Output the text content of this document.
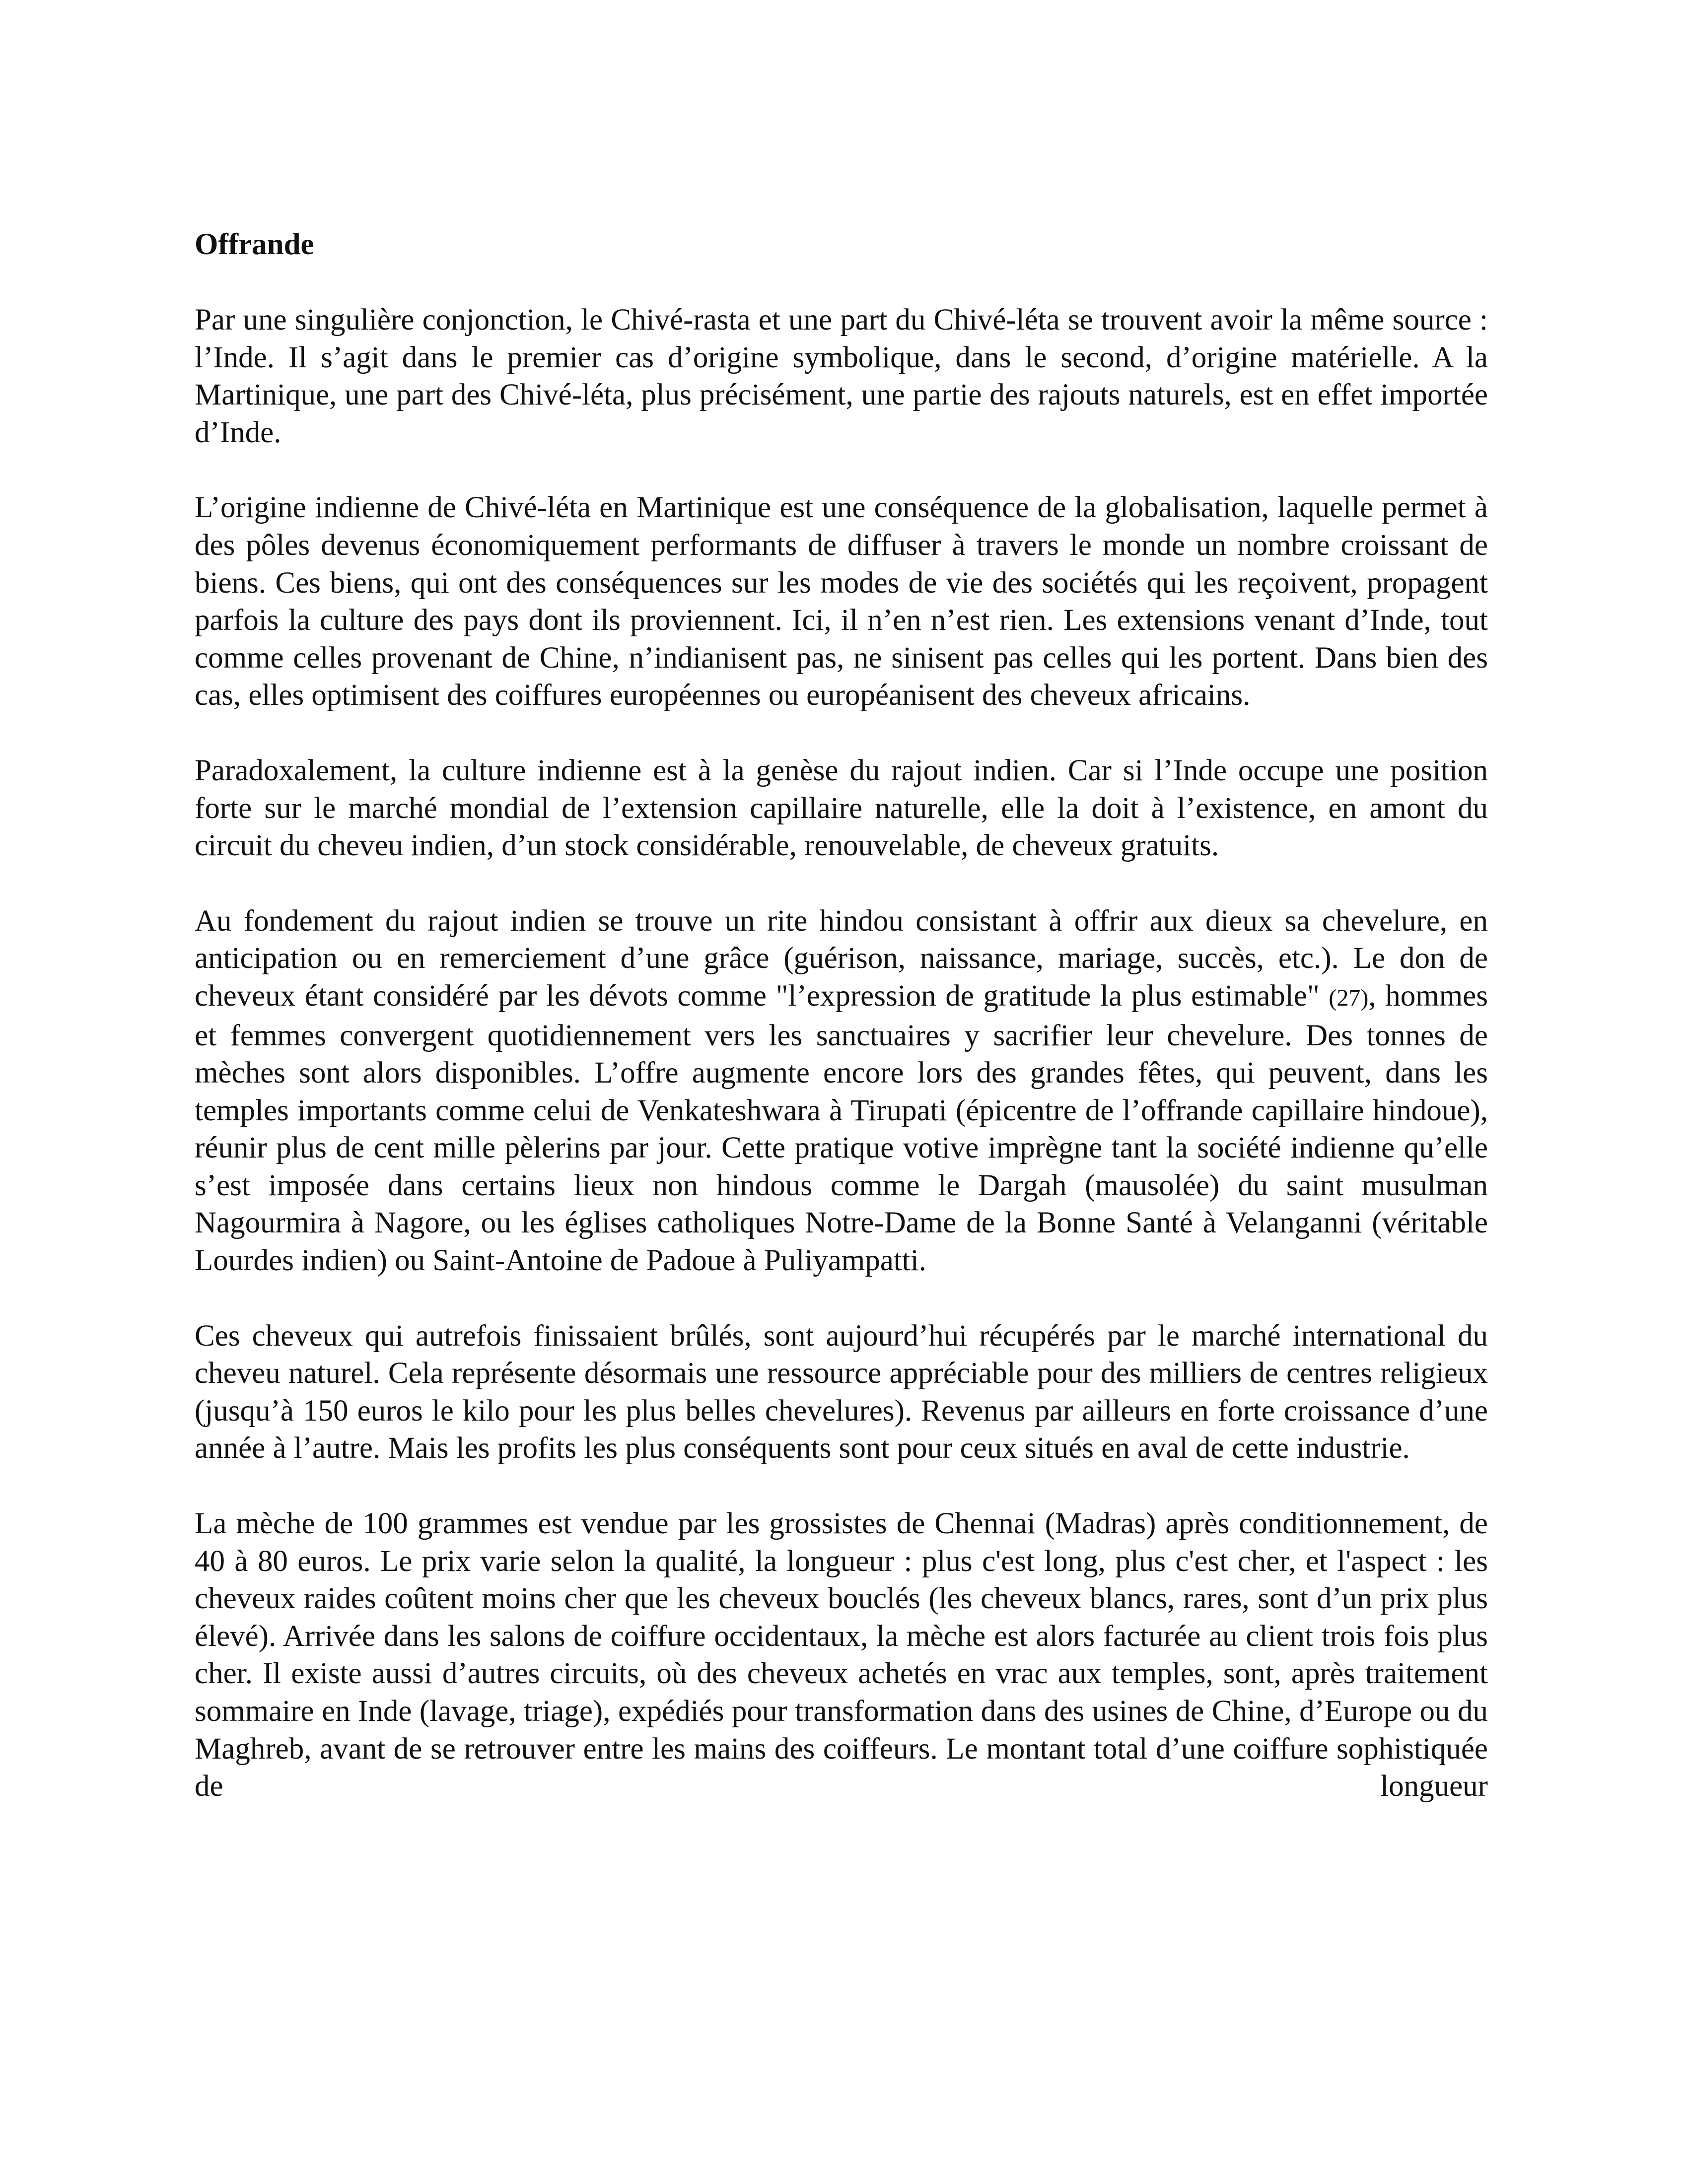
Offrande

Par une singulière conjonction, le Chivé-rasta et une part du Chivé-léta se trouvent avoir la même source : l’Inde. Il s’agit dans le premier cas d’origine symbolique, dans le second, d’origine matérielle. A la Martinique, une part des Chivé-léta, plus précisément, une partie des rajouts naturels, est en effet importée d’Inde.

L’origine indienne de Chivé-léta en Martinique est une conséquence de la globalisation, laquelle permet à des pôles devenus économiquement performants de diffuser à travers le monde un nombre croissant de biens. Ces biens, qui ont des conséquences sur les modes de vie des sociétés qui les reçoivent, propagent parfois la culture des pays dont ils proviennent. Ici, il n’en n’est rien. Les extensions venant d’Inde, tout comme celles provenant de Chine, n’indianisent pas, ne sinisent pas celles qui les portent. Dans bien des cas, elles optimisent des coiffures européennes ou européanisent des cheveux africains.

Paradoxalement, la culture indienne est à la genèse du rajout indien. Car si l’Inde occupe une position forte sur le marché mondial de l’extension capillaire naturelle, elle la doit à l’existence, en amont du circuit du cheveu indien, d’un stock considérable, renouvelable, de cheveux gratuits.

Au fondement du rajout indien se trouve un rite hindou consistant à offrir aux dieux sa chevelure, en anticipation ou en remerciement d’une grâce (guérison, naissance, mariage, succès, etc.). Le don de cheveux étant considéré par les dévots comme "l’expression de gratitude la plus estimable" (27), hommes et femmes convergent quotidiennement vers les sanctuaires y sacrifier leur chevelure. Des tonnes de mèches sont alors disponibles. L’offre augmente encore lors des grandes fêtes, qui peuvent, dans les temples importants comme celui de Venkateshwara à Tirupati (épicentre de l’offrande capillaire hindoue), réunir plus de cent mille pèlerins par jour. Cette pratique votive imprègne tant la société indienne qu’elle s’est imposée dans certains lieux non hindous comme le Dargah (mausolée) du saint musulman Nagourmira à Nagore, ou les églises catholiques Notre-Dame de la Bonne Santé à Velanganni (véritable Lourdes indien) ou Saint-Antoine de Padoue à Puliyampatti.

Ces cheveux qui autrefois finissaient brûlés, sont aujourd’hui récupérés par le marché international du cheveu naturel. Cela représente désormais une ressource appréciable pour des milliers de centres religieux (jusqu’à 150 euros le kilo pour les plus belles chevelures). Revenus par ailleurs en forte croissance d’une année à l’autre. Mais les profits les plus conséquents sont pour ceux situés en aval de cette industrie.

La mèche de 100 grammes est vendue par les grossistes de Chennai (Madras) après conditionnement, de 40 à 80 euros. Le prix varie selon la qualité, la longueur : plus c'est long, plus c'est cher, et l'aspect : les cheveux raides coûtent moins cher que les cheveux bouclés (les cheveux blancs, rares, sont d’un prix plus élevé). Arrivée dans les salons de coiffure occidentaux, la mèche est alors facturée au client trois fois plus cher. Il existe aussi d’autres circuits, où des cheveux achetés en vrac aux temples, sont, après traitement sommaire en Inde (lavage, triage), expédiés pour transformation dans des usines de Chine, d’Europe ou du Maghreb, avant de se retrouver entre les mains des coiffeurs. Le montant total d’une coiffure sophistiquée de longueur
